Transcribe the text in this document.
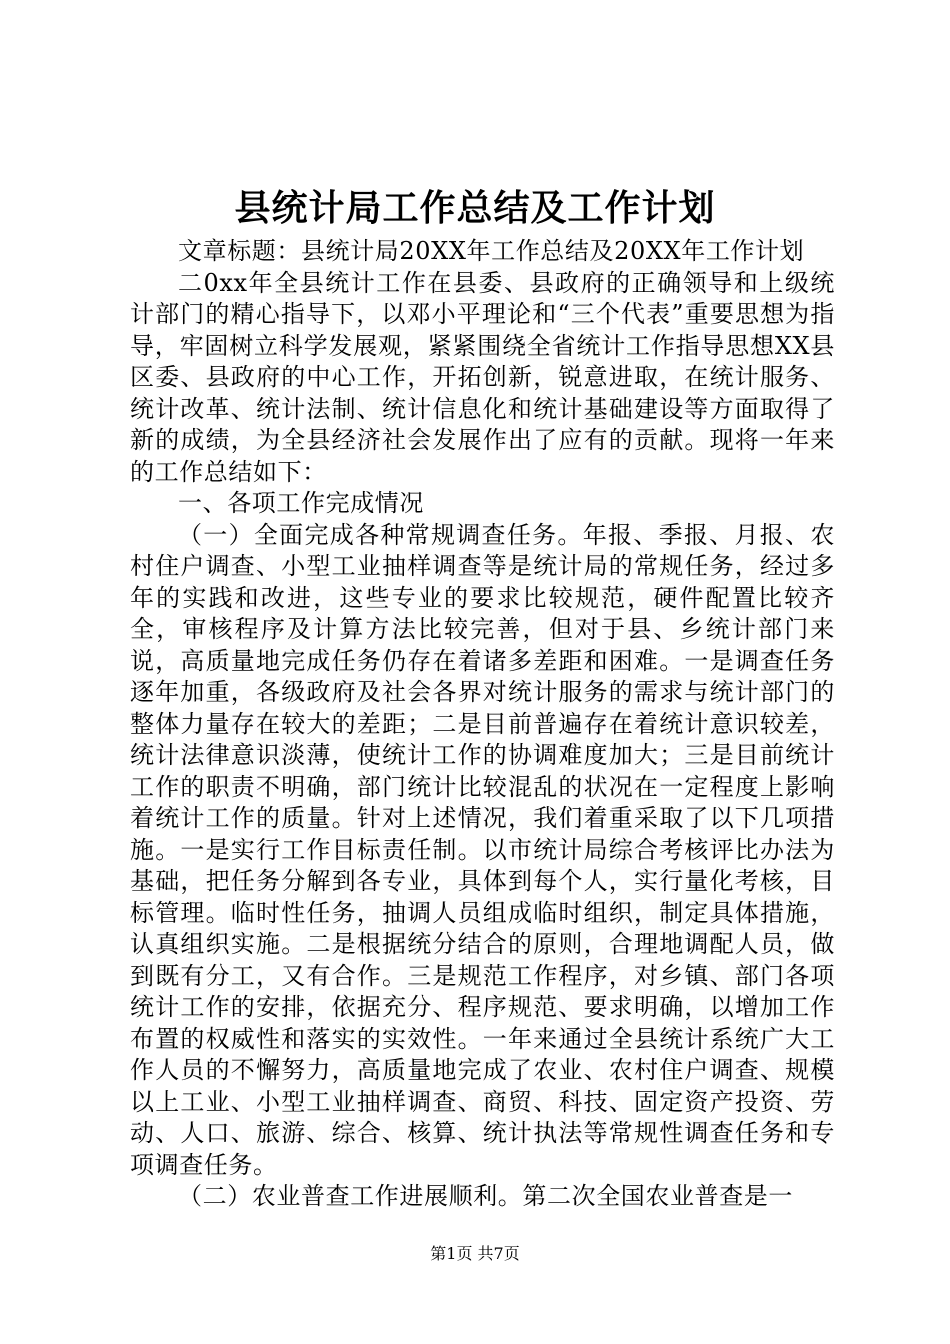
县统计局工作总结及工作计划

文章标题：县统计局20XX年工作总结及20XX年工作计划

二0xx年全县统计工作在县委、县政府的正确领导和上级统计部门的精心指导下，以邓小平理论和“三个代表”重要思想为指导，牢固树立科学发展观，紧紧围绕全省统计工作指导思想XX县区委、县政府的中心工作，开拓创新，锐意进取，在统计服务、统计改革、统计法制、统计信息化和统计基础建设等方面取得了新的成绩，为全县经济社会发展作出了应有的贡献。现将一年来的工作总结如下：

一、各项工作完成情况

（一）全面完成各种常规调查任务。年报、季报、月报、农村住户调查、小型工业抽样调查等是统计局的常规任务，经过多年的实践和改进，这些专业的要求比较规范，硬件配置比较齐全，审核程序及计算方法比较完善，但对于县、乡统计部门来说，高质量地完成任务仍存在着诸多差距和困难。一是调查任务逐年加重，各级政府及社会各界对统计服务的需求与统计部门的整体力量存在较大的差距；二是目前普遍存在着统计意识较差，统计法律意识淡薄，使统计工作的协调难度加大；三是目前统计工作的职责不明确，部门统计比较混乱的状况在一定程度上影响着统计工作的质量。针对上述情况，我们着重采取了以下几项措施。一是实行工作目标责任制。以市统计局综合考核评比办法为基础，把任务分解到各专业，具体到每个人，实行量化考核，目标管理。临时性任务，抽调人员组成临时组织，制定具体措施，认真组织实施。二是根据统分结合的原则，合理地调配人员，做到既有分工，又有合作。三是规范工作程序，对乡镇、部门各项统计工作的安排，依据充分、程序规范、要求明确，以增加工作布置的权威性和落实的实效性。一年来通过全县统计系统广大工作人员的不懈努力，高质量地完成了农业、农村住户调查、规模以上工业、小型工业抽样调查、商贸、科技、固定资产投资、劳动、人口、旅游、综合、核算、统计执法等常规性调查任务和专项调查任务。

（二）农业普查工作进展顺利。第二次全国农业普查是一

第1页 共7页
